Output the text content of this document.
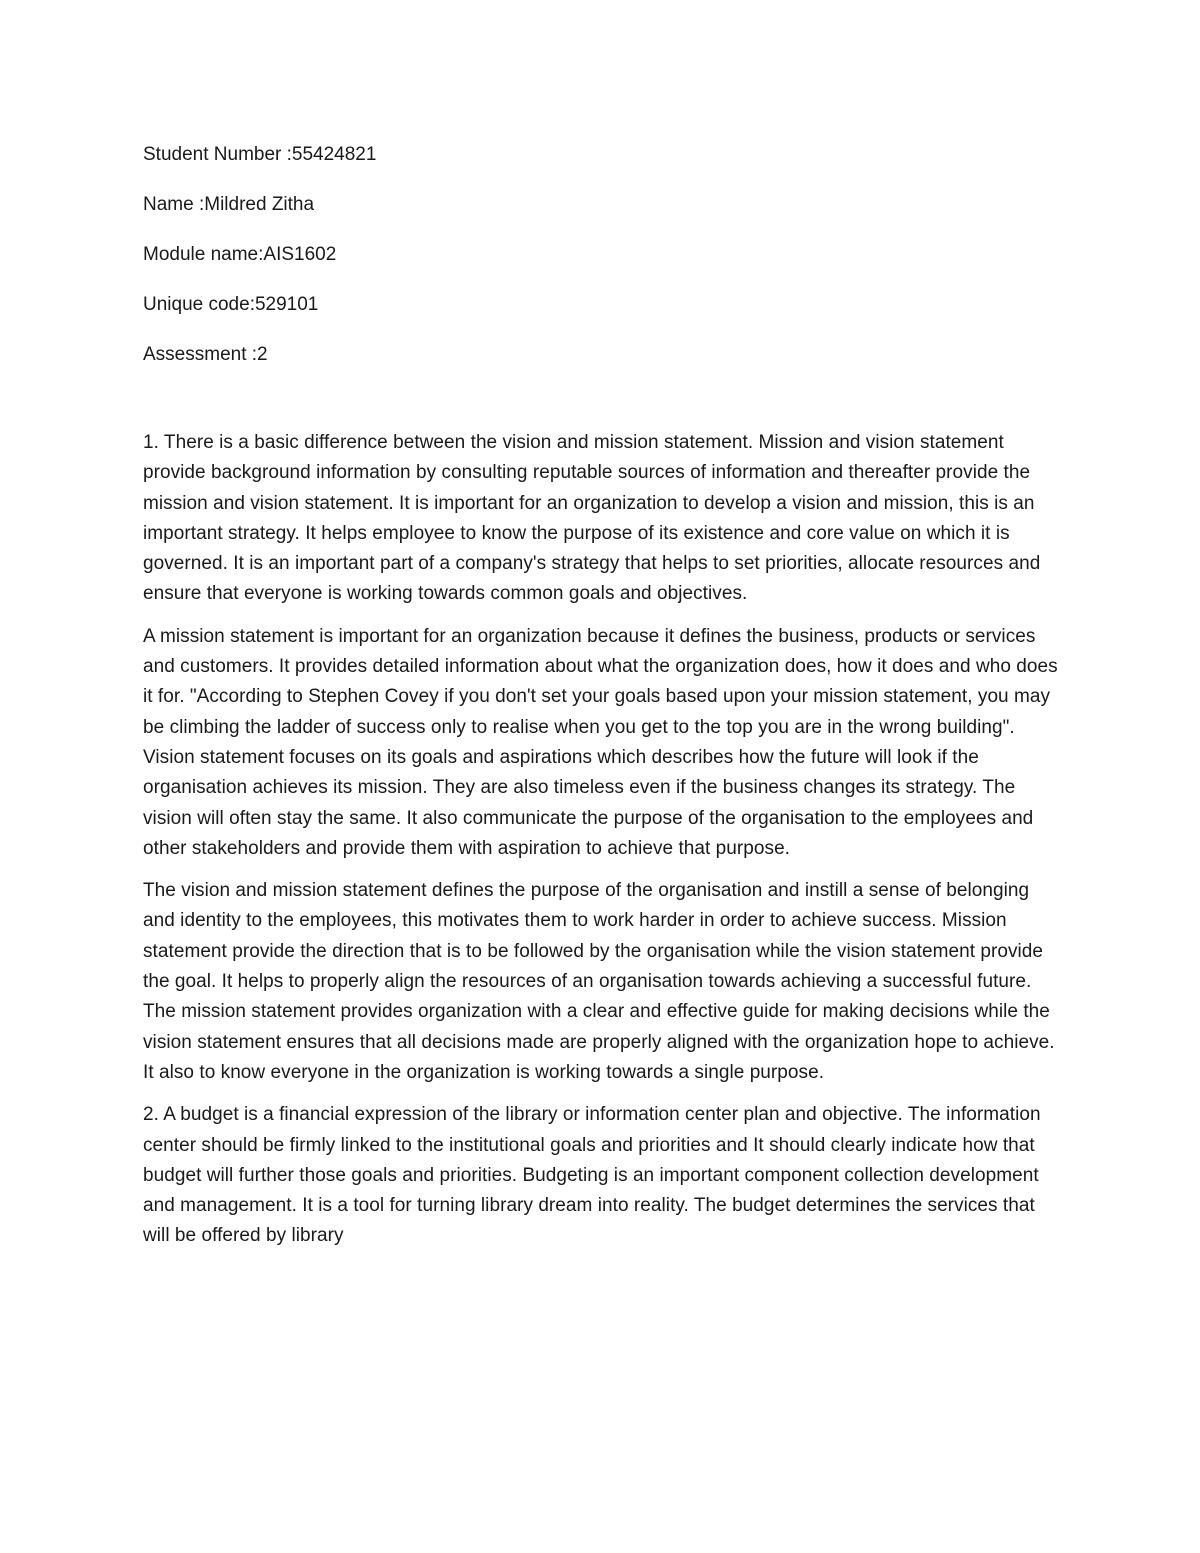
Student Number :55424821

Name :Mildred Zitha

Module name:AIS1602

Unique code:529101

Assessment :2

1. There is a basic difference between the vision and mission statement. Mission and vision statement provide background information by consulting reputable sources of information and thereafter provide the mission and vision statement. It is important for an organization to develop a vision and mission, this is an important strategy. It helps employee to know the purpose of its existence and core value on which it is governed. It is an important part of a company's strategy that helps to set priorities, allocate resources and ensure that everyone is working towards common goals and objectives.

A mission statement is important for an organization because it defines the business, products or services and customers. It provides detailed information about what the organization does, how it does and who does it for. "According to Stephen Covey if you don't set your goals based upon your mission statement, you may be climbing the ladder of success only to realise when you get to the top you are in the wrong building". Vision statement focuses on its goals and aspirations which describes how the future will look if the organisation achieves its mission. They are also timeless even if the business changes its strategy. The vision will often stay the same. It also communicate the purpose of the organisation to the employees and other stakeholders and provide them with aspiration to achieve that purpose.

The vision and mission statement defines the purpose of the organisation and instill a sense of belonging and identity to the employees, this motivates them to work harder in order to achieve success. Mission statement provide the direction that is to be followed by the organisation while the vision statement provide the goal. It helps to properly align the resources of an organisation towards achieving a successful future. The mission statement provides organization with a clear and effective guide for making decisions while the vision statement ensures that all decisions made are properly aligned with the organization hope to achieve. It also to know everyone in the organization is working towards a single purpose.

2. A budget is a financial expression of the library or information center plan and objective. The information center should be firmly linked to the institutional goals and priorities and It should clearly indicate how that budget will further those goals and priorities. Budgeting is an important component collection development and management. It is a tool for turning library dream into reality. The budget determines the services that will be offered by library
